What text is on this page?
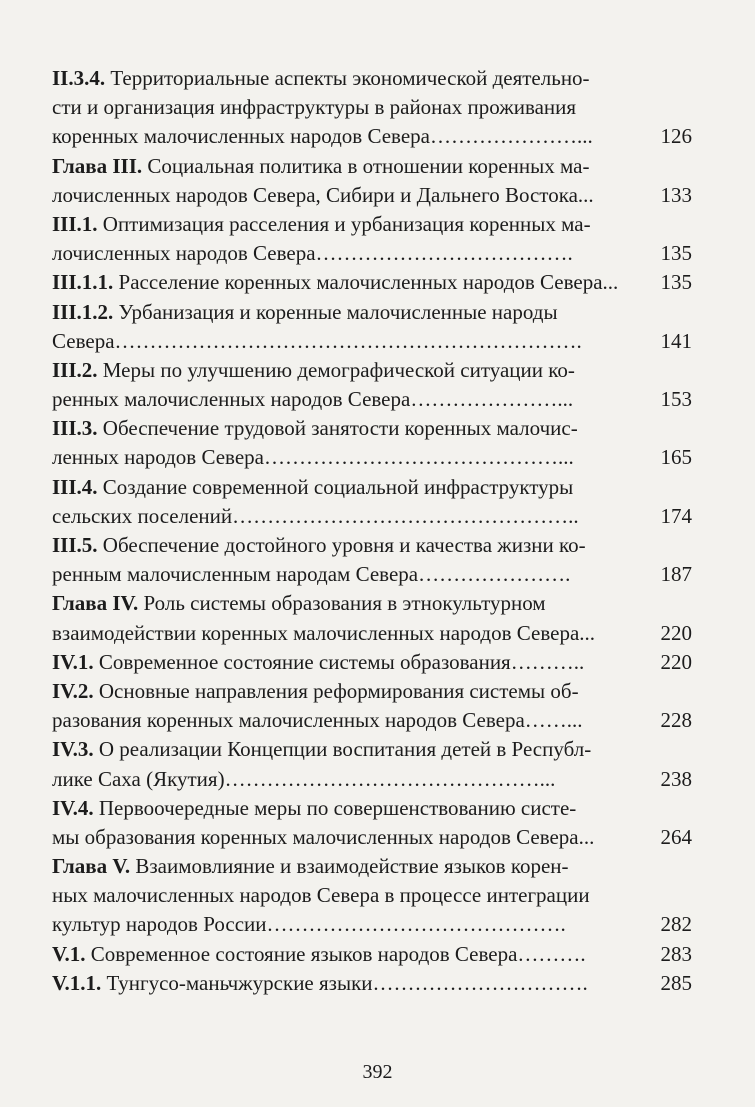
II.3.4. Территориальные аспекты экономической деятельно-
сти и организация инфраструктуры в районах проживания
коренных малочисленных народов Севера…………………...	126
Глава III. Социальная политика в отношении коренных ма-
лочисленных народов Севера, Сибири и Дальнего Востока...	133
III.1. Оптимизация расселения и урбанизация коренных ма-
лочисленных народов Севера……………………………….	135
III.1.1. Расселение коренных малочисленных народов Севера...	135
III.1.2. Урбанизация и коренные малочисленные народы
Севера………………………………………………………….	141
III.2. Меры по улучшению демографической ситуации ко-
ренных малочисленных народов Севера…………………...	153
III.3. Обеспечение трудовой занятости коренных малочис-
ленных народов Севера……………………………………...	165
III.4. Создание современной социальной инфраструктуры
сельских поселений…………………………………………..	174
III.5. Обеспечение достойного уровня и качества жизни ко-
ренным малочисленным народам Севера………………….	187
Глава IV. Роль системы образования в этнокультурном
взаимодействии коренных малочисленных народов Севера...	220
IV.1. Современное состояние системы образования………..	220
IV.2. Основные направления реформирования системы об-
разования коренных малочисленных народов Севера……...	228
IV.3. О реализации Концепции воспитания детей в Республ-
лике Саха (Якутия)………………………………………...	238
IV.4. Первоочередные меры по совершенствованию систе-
мы образования коренных малочисленных народов Севера...	264
Глава V. Взаимовлияние и взаимодействие языков корен-
ных малочисленных народов Севера в процессе интеграции
культур народов России…………………………………….	282
V.1. Современное состояние языков народов Севера……….	283
V.1.1. Тунгусо-маньчжурские языки………………………….	285
392
